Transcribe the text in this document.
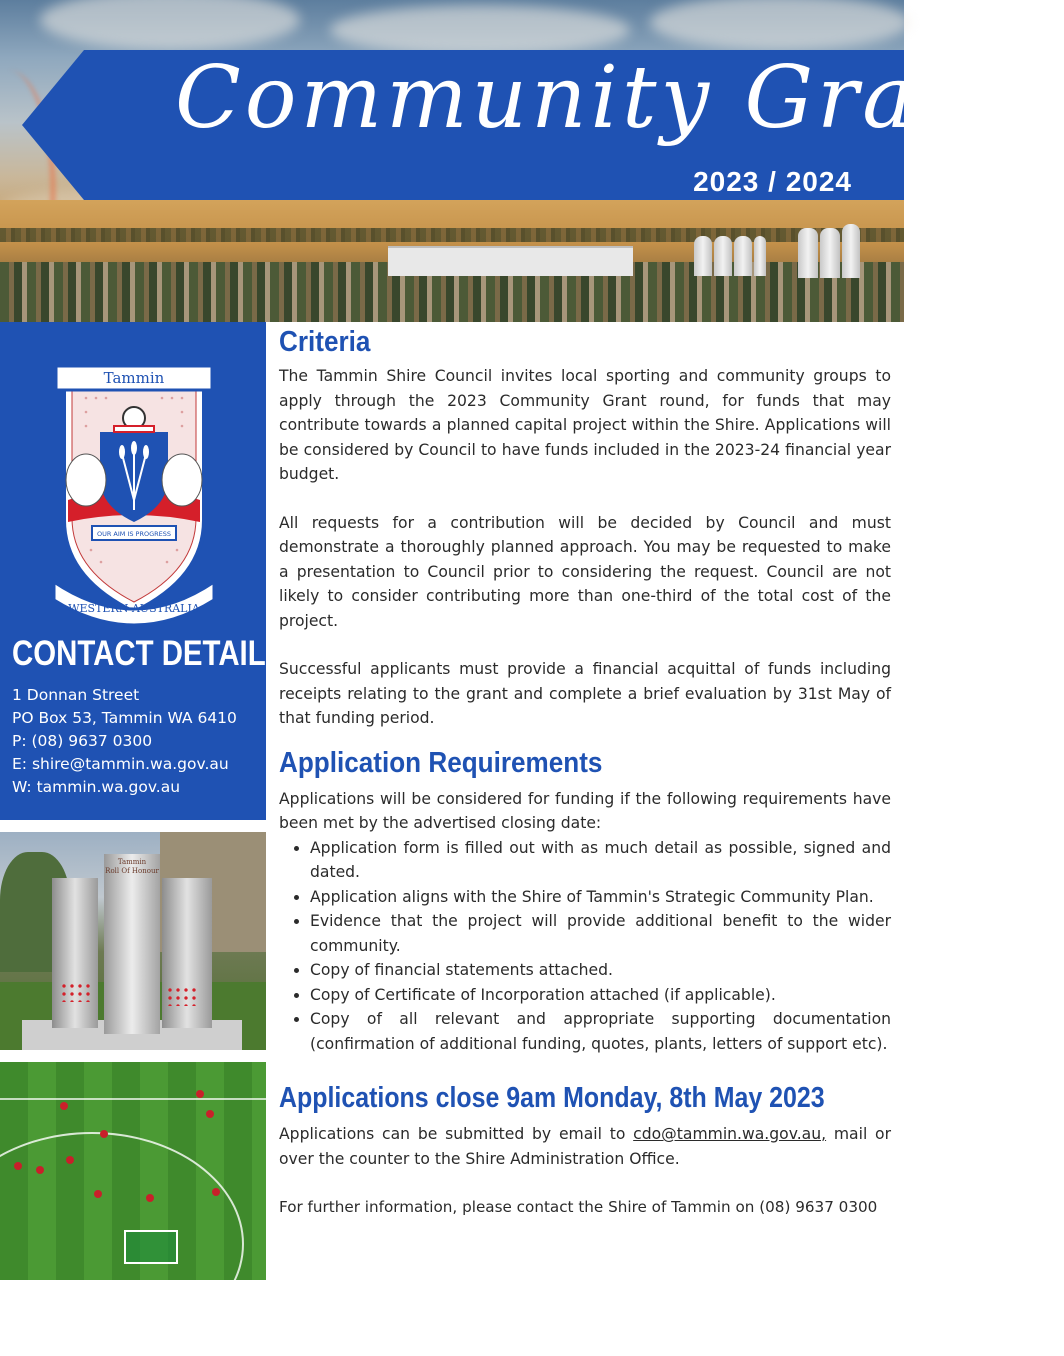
Community Grants
2023 / 2024
Tammin
OUR AIM IS PROGRESS
WESTERN AUSTRALIA
CONTACT DETAILS
1 Donnan Street
PO Box 53, Tammin WA 6410
P: (08) 9637 0300
E: shire@tammin.wa.gov.au
W: tammin.wa.gov.au
Tammin
Roll Of Honour
Criteria

The Tammin Shire Council invites local sporting and community groups to apply through the 2023 Community Grant round, for funds that may contribute towards a planned capital project within the Shire. Applications will be considered by Council to have funds included in the 2023-24 financial year budget.

All requests for a contribution will be decided by Council and must demonstrate a thoroughly planned approach. You may be requested to make a presentation to Council prior to considering the request. Council are not likely to consider contributing more than one-third of the total cost of the project.

Successful applicants must provide a financial acquittal of funds including receipts relating to the grant and complete a brief evaluation by 31st May of that funding period.

Application Requirements

Applications will be considered for funding if the following requirements have been met by the advertised closing date:

• Application form is filled out with as much detail as possible, signed and dated.
• Application aligns with the Shire of Tammin's Strategic Community Plan.
• Evidence that the project will provide additional benefit to the wider community.
• Copy of financial statements attached.
• Copy of Certificate of Incorporation attached (if applicable).
• Copy of all relevant and appropriate supporting documentation (confirmation of additional funding, quotes, plants, letters of support etc).
Applications close 9am Monday, 8th May 2023

Applications can be submitted by email to cdo@tammin.wa.gov.au, mail or over the counter to the Shire Administration Office.

For further information, please contact the Shire of Tammin on (08) 9637 0300
